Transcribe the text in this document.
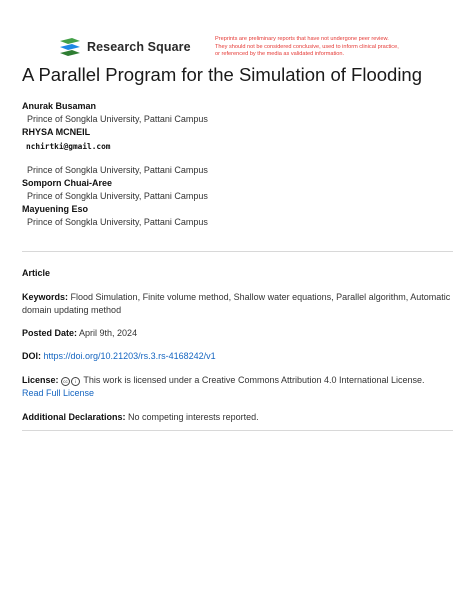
Research Square
Preprints are preliminary reports that have not undergone peer review.
They should not be considered conclusive, used to inform clinical practice,
or referenced by the media as validated information.
A Parallel Program for the Simulation of Flooding
Anurak Busaman
Prince of Songkla University, Pattani Campus
RHYSA MCNEIL
nchirtki@gmail.com
Prince of Songkla University, Pattani Campus
Somporn Chuai-Aree
Prince of Songkla University, Pattani Campus
Mayuening Eso
Prince of Songkla University, Pattani Campus
Article
Keywords: Flood Simulation, Finite volume method, Shallow water equations, Parallel algorithm, Automatic domain updating method
Posted Date: April 9th, 2024
DOI: https://doi.org/10.21203/rs.3.rs-4168242/v1
License: cc i This work is licensed under a Creative Commons Attribution 4.0 International License.
Read Full License
Additional Declarations: No competing interests reported.
